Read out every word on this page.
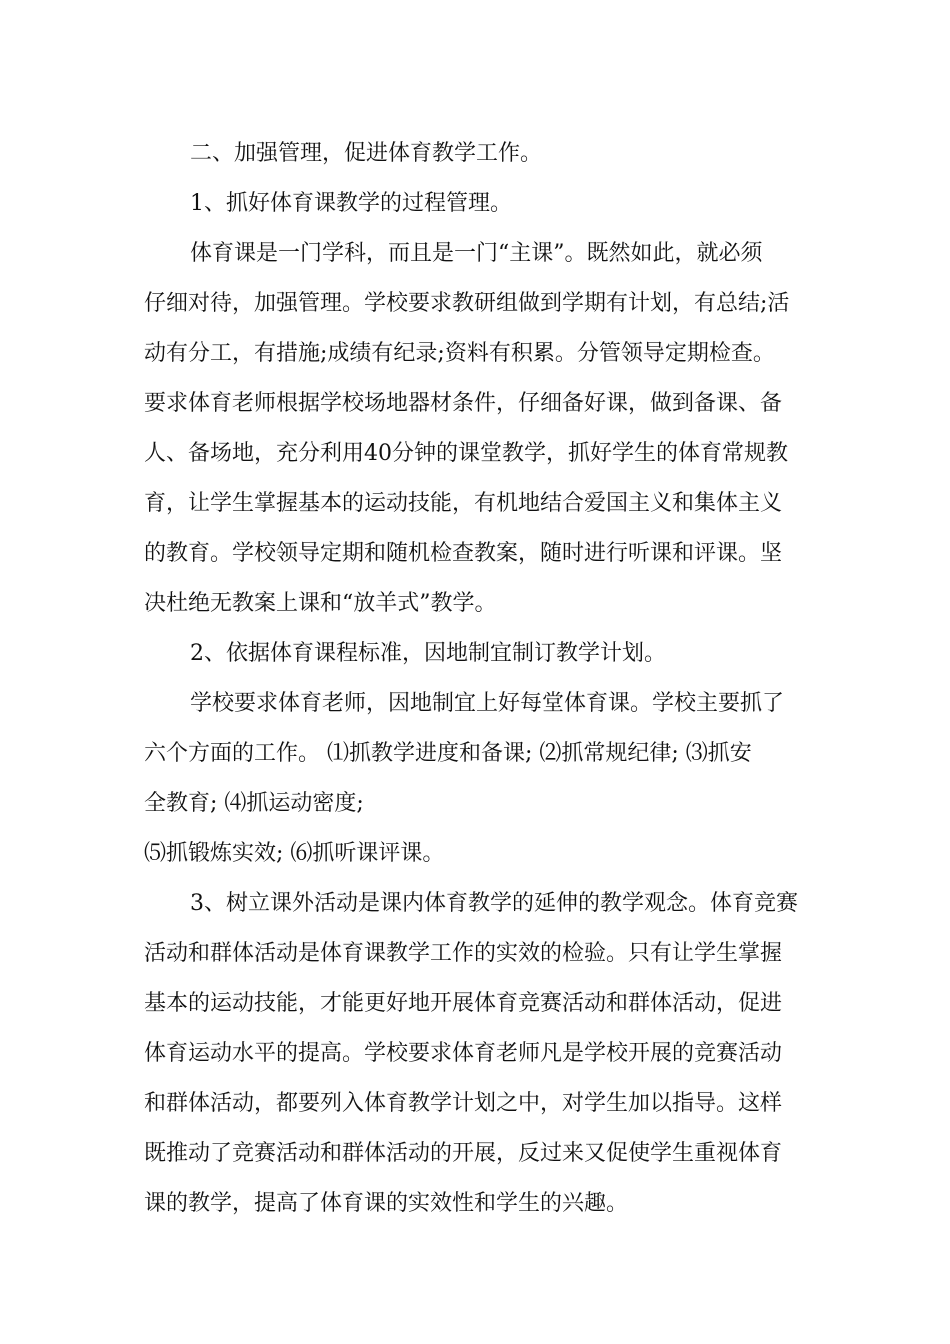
二、加强管理，促进体育教学工作。

1、抓好体育课教学的过程管理。

体育课是一门学科，而且是一门“主课”。既然如此，就必须

仔细对待，加强管理。学校要求教研组做到学期有计划，有总结;活

动有分工，有措施;成绩有纪录;资料有积累。分管领导定期检查。

要求体育老师根据学校场地器材条件，仔细备好课，做到备课、备

人、备场地，充分利用40分钟的课堂教学，抓好学生的体育常规教

育，让学生掌握基本的运动技能，有机地结合爱国主义和集体主义

的教育。学校领导定期和随机检查教案，随时进行听课和评课。坚

决杜绝无教案上课和“放羊式”教学。

2、依据体育课程标准，因地制宜制订教学计划。

学校要求体育老师，因地制宜上好每堂体育课。学校主要抓了

六个方面的工作。 ⑴抓教学进度和备课; ⑵抓常规纪律; ⑶抓安

全教育; ⑷抓运动密度;

⑸抓锻炼实效; ⑹抓听课评课。

3、树立课外活动是课内体育教学的延伸的教学观念。体育竞赛

活动和群体活动是体育课教学工作的实效的检验。只有让学生掌握

基本的运动技能，才能更好地开展体育竞赛活动和群体活动，促进

体育运动水平的提高。学校要求体育老师凡是学校开展的竞赛活动

和群体活动，都要列入体育教学计划之中，对学生加以指导。这样

既推动了竞赛活动和群体活动的开展，反过来又促使学生重视体育

课的教学，提高了体育课的实效性和学生的兴趣。
